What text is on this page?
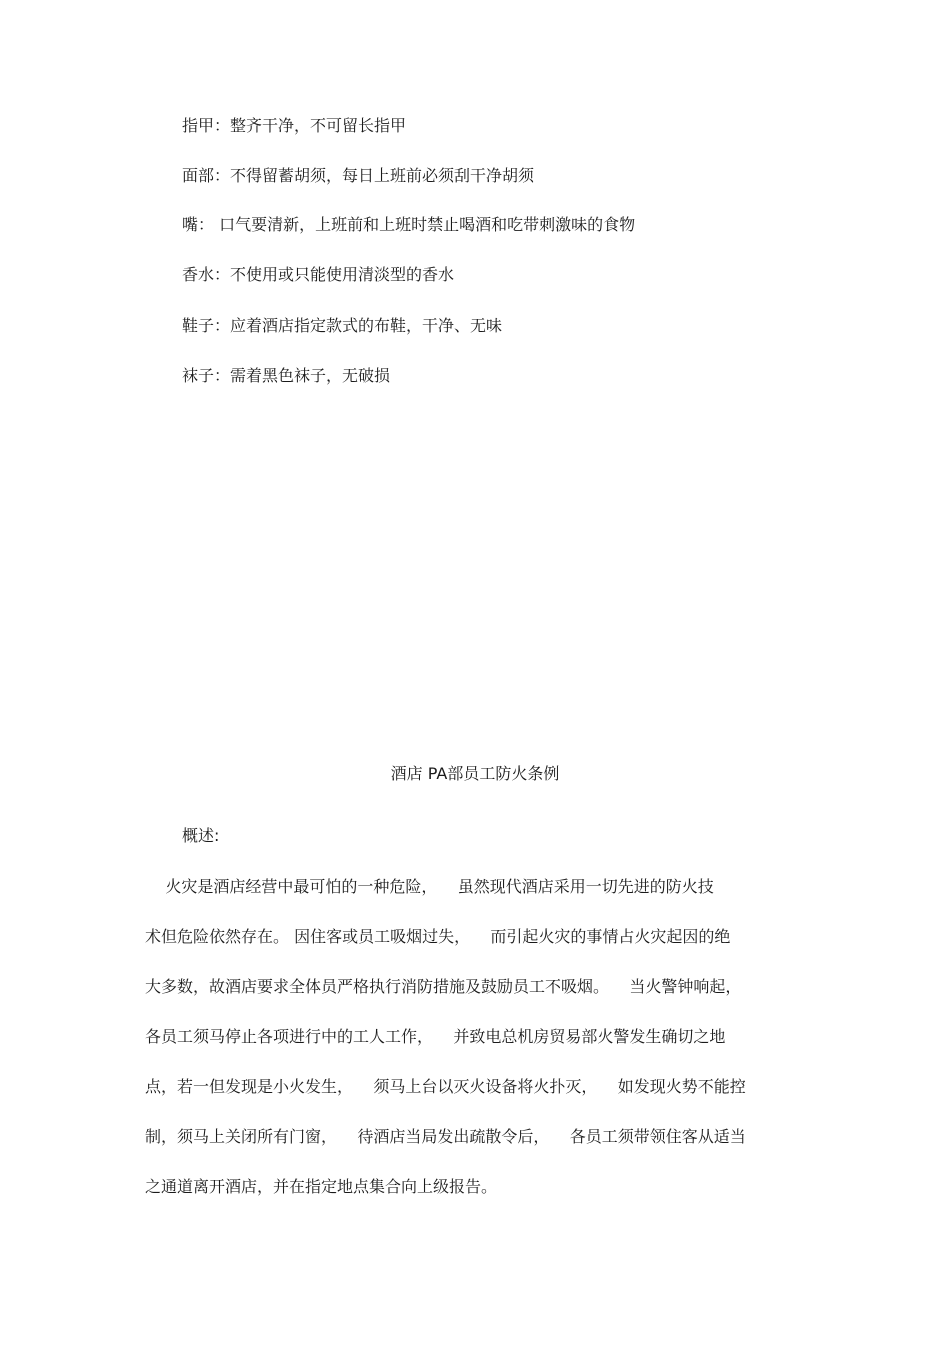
指甲：整齐干净，不可留长指甲
面部：不得留蓄胡须，每日上班前必须刮干净胡须
嘴： 口气要清新，上班前和上班时禁止喝酒和吃带刺激味的食物
香水：不使用或只能使用清淡型的香水
鞋子：应着酒店指定款式的布鞋，干净、无味
袜子：需着黑色袜子，无破损
酒店 PA部员工防火条例
概述:
火灾是酒店经营中最可怕的一种危险，    虽然现代酒店采用一切先进的防火技
术但危险依然存在。 因住客或员工吸烟过失，    而引起火灾的事情占火灾起因的绝
大多数，故酒店要求全体员严格执行消防措施及鼓励员工不吸烟。    当火警钟响起，
各员工须马停止各项进行中的工人工作，    并致电总机房贸易部火警发生确切之地
点，若一但发现是小火发生，    须马上台以灭火设备将火扑灭，    如发现火势不能控
制，须马上关闭所有门窗，    待酒店当局发出疏散令后，    各员工须带领住客从适当
之通道离开酒店，并在指定地点集合向上级报告。
